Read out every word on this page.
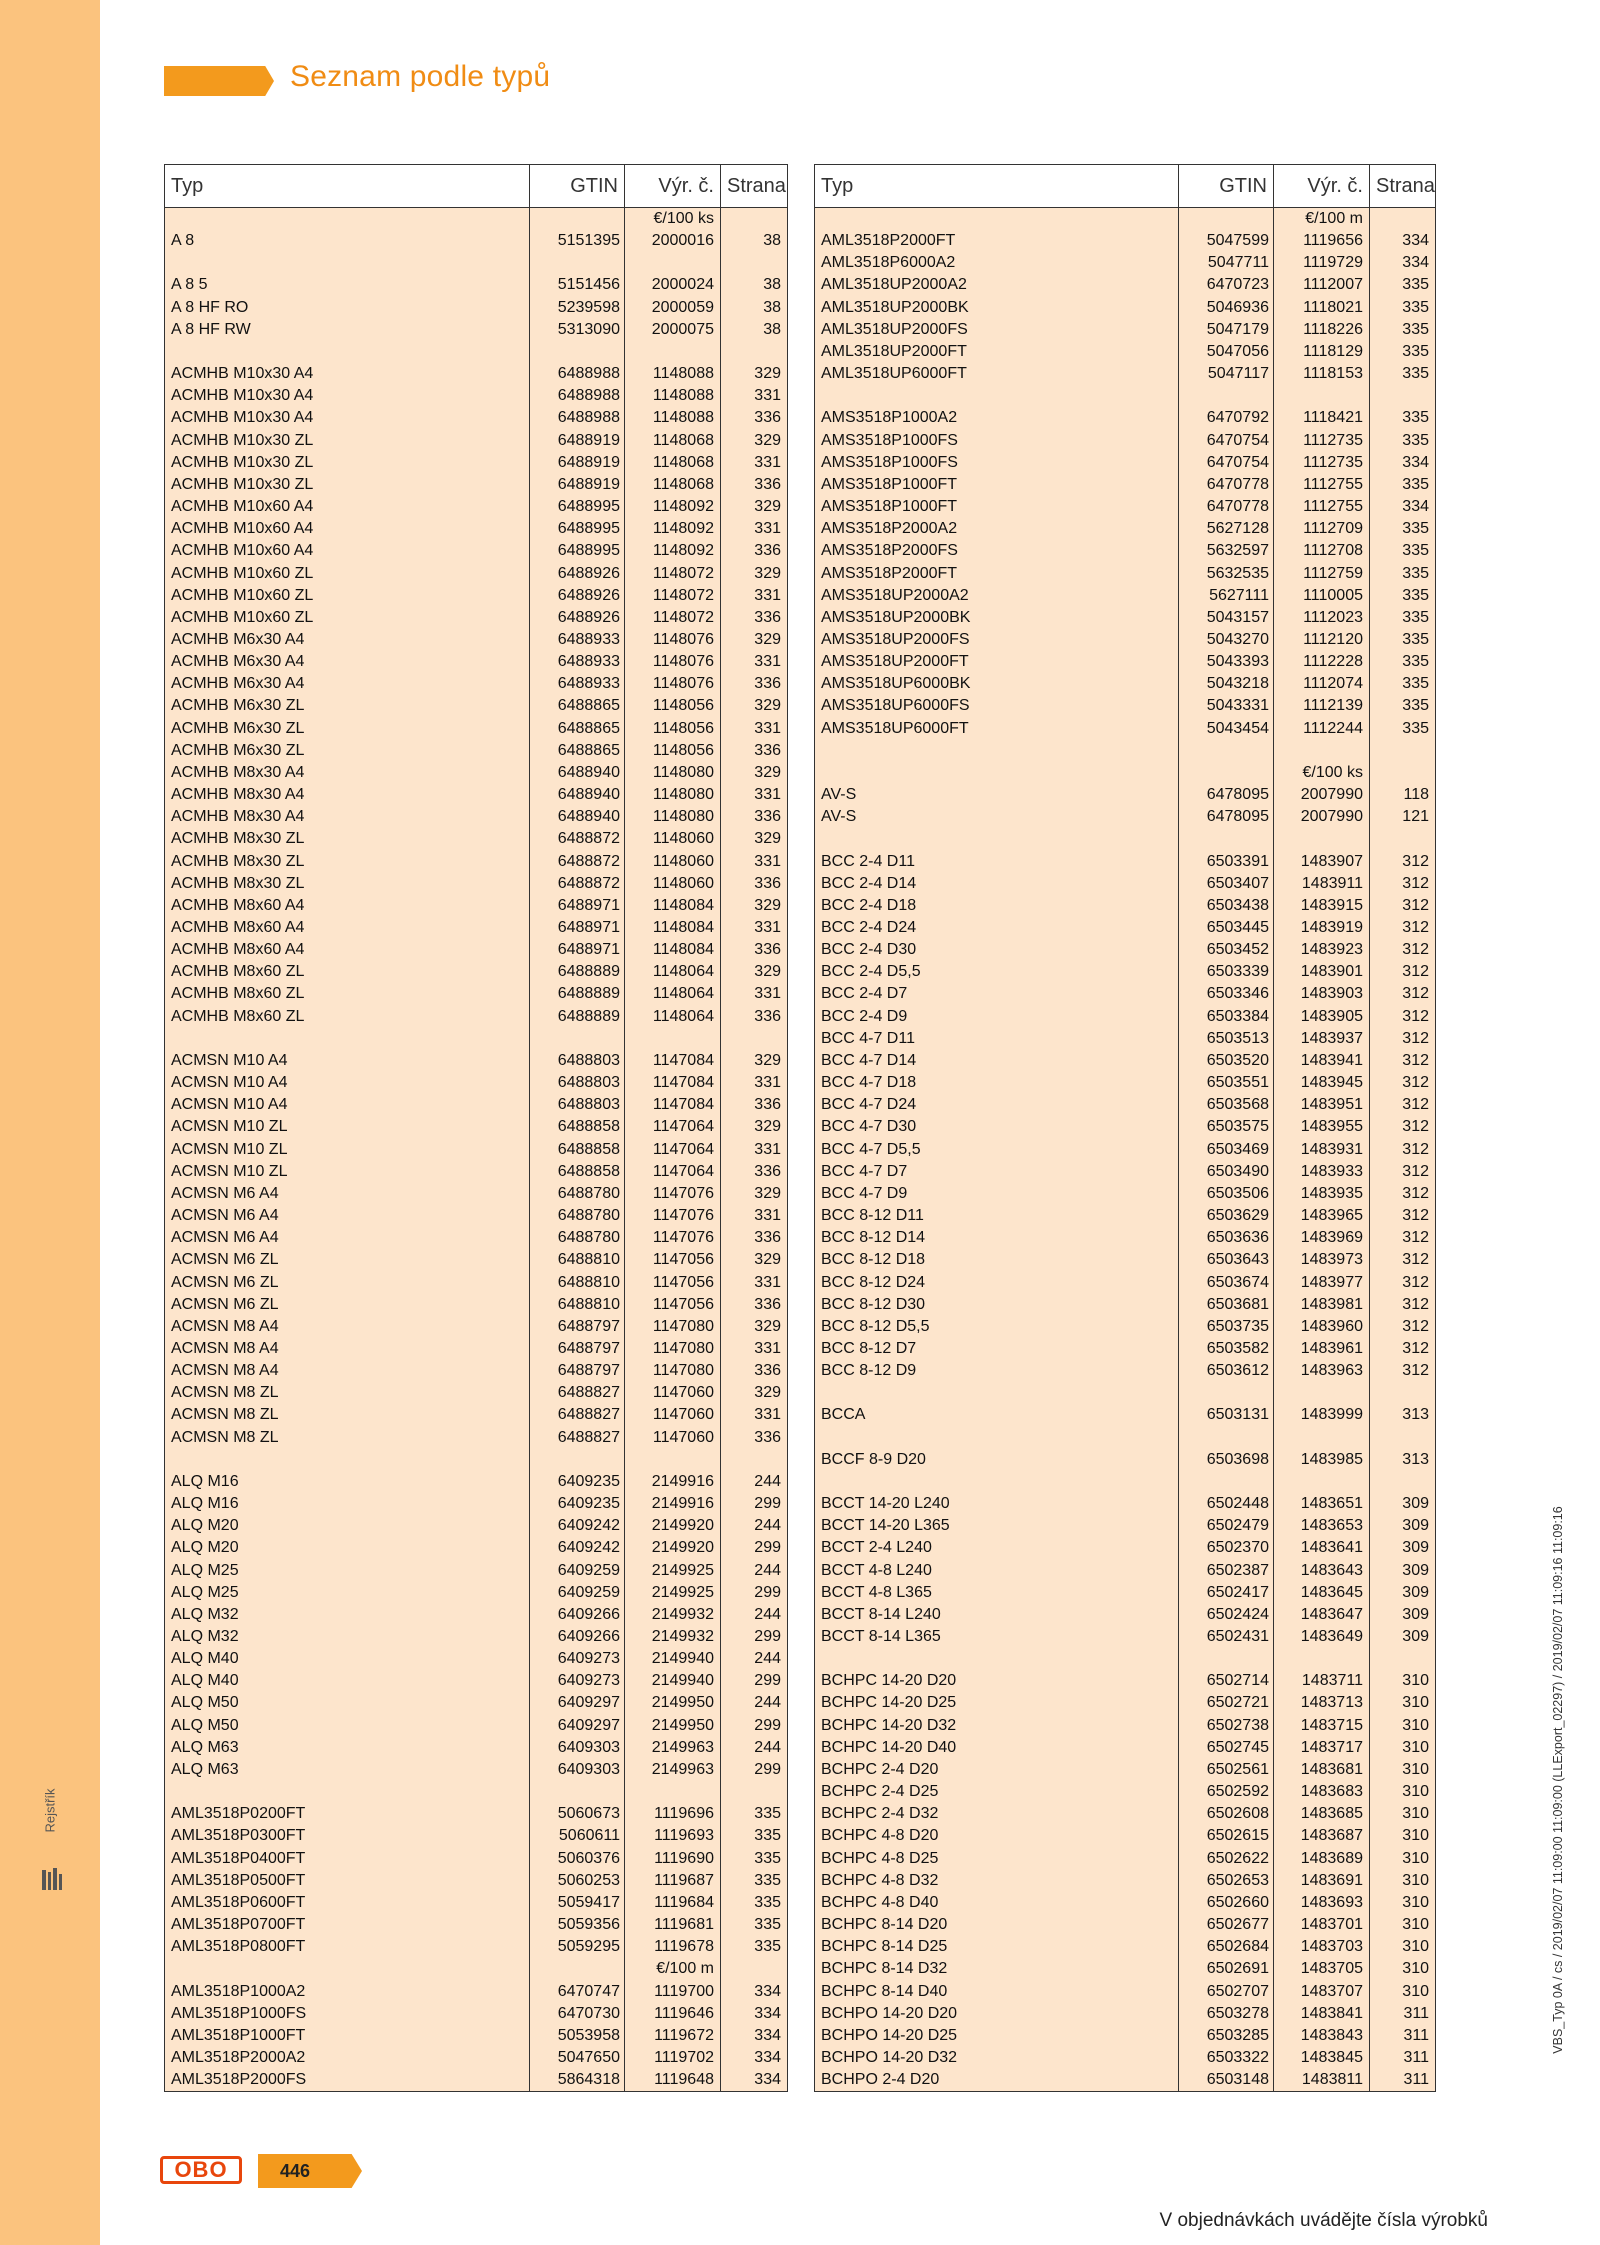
Rejstřík
Seznam podle typů
Typ	GTIN	Výr. č. Strana
€/100 ks
A 8	5151395	2000016	38
A 8 5	5151456	2000024	38
A 8 HF RO	5239598	2000059	38
A 8 HF RW	5313090	2000075	38
ACMHB M10x30 A4	6488988	1148088	329
ACMHB M10x30 A4	6488988	1148088	331
ACMHB M10x30 A4	6488988	1148088	336
ACMHB M10x30 ZL	6488919	1148068	329
ACMHB M10x30 ZL	6488919	1148068	331
ACMHB M10x30 ZL	6488919	1148068	336
ACMHB M10x60 A4	6488995	1148092	329
ACMHB M10x60 A4	6488995	1148092	331
ACMHB M10x60 A4	6488995	1148092	336
ACMHB M10x60 ZL	6488926	1148072	329
ACMHB M10x60 ZL	6488926	1148072	331
ACMHB M10x60 ZL	6488926	1148072	336
ACMHB M6x30 A4	6488933	1148076	329
ACMHB M6x30 A4	6488933	1148076	331
ACMHB M6x30 A4	6488933	1148076	336
ACMHB M6x30 ZL	6488865	1148056	329
ACMHB M6x30 ZL	6488865	1148056	331
ACMHB M6x30 ZL	6488865	1148056	336
ACMHB M8x30 A4	6488940	1148080	329
ACMHB M8x30 A4	6488940	1148080	331
ACMHB M8x30 A4	6488940	1148080	336
ACMHB M8x30 ZL	6488872	1148060	329
ACMHB M8x30 ZL	6488872	1148060	331
ACMHB M8x30 ZL	6488872	1148060	336
ACMHB M8x60 A4	6488971	1148084	329
ACMHB M8x60 A4	6488971	1148084	331
ACMHB M8x60 A4	6488971	1148084	336
ACMHB M8x60 ZL	6488889	1148064	329
ACMHB M8x60 ZL	6488889	1148064	331
ACMHB M8x60 ZL	6488889	1148064	336
ACMSN M10 A4	6488803	1147084	329
ACMSN M10 A4	6488803	1147084	331
ACMSN M10 A4	6488803	1147084	336
ACMSN M10 ZL	6488858	1147064	329
ACMSN M10 ZL	6488858	1147064	331
ACMSN M10 ZL	6488858	1147064	336
ACMSN M6 A4	6488780	1147076	329
ACMSN M6 A4	6488780	1147076	331
ACMSN M6 A4	6488780	1147076	336
ACMSN M6 ZL	6488810	1147056	329
ACMSN M6 ZL	6488810	1147056	331
ACMSN M6 ZL	6488810	1147056	336
ACMSN M8 A4	6488797	1147080	329
ACMSN M8 A4	6488797	1147080	331
ACMSN M8 A4	6488797	1147080	336
ACMSN M8 ZL	6488827	1147060	329
ACMSN M8 ZL	6488827	1147060	331
ACMSN M8 ZL	6488827	1147060	336
ALQ M16	6409235	2149916	244
ALQ M16	6409235	2149916	299
ALQ M20	6409242	2149920	244
ALQ M20	6409242	2149920	299
ALQ M25	6409259	2149925	244
ALQ M25	6409259	2149925	299
ALQ M32	6409266	2149932	244
ALQ M32	6409266	2149932	299
ALQ M40	6409273	2149940	244
ALQ M40	6409273	2149940	299
ALQ M50	6409297	2149950	244
ALQ M50	6409297	2149950	299
ALQ M63	6409303	2149963	244
ALQ M63	6409303	2149963	299
AML3518P0200FT	5060673	1119696	335
AML3518P0300FT	5060611	1119693	335
AML3518P0400FT	5060376	1119690	335
AML3518P0500FT	5060253	1119687	335
AML3518P0600FT	5059417	1119684	335
AML3518P0700FT	5059356	1119681	335
AML3518P0800FT	5059295	1119678	335
€/100 m
AML3518P1000A2	6470747	1119700	334
AML3518P1000FS	6470730	1119646	334
AML3518P1000FT	5053958	1119672	334
AML3518P2000A2	5047650	1119702	334
AML3518P2000FS	5864318	1119648	334
Typ	GTIN	Výr. č. Strana
€/100 m
AML3518P2000FT	5047599	1119656	334
AML3518P6000A2	5047711	1119729	334
AML3518UP2000A2	6470723	1112007	335
AML3518UP2000BK	5046936	1118021	335
AML3518UP2000FS	5047179	1118226	335
AML3518UP2000FT	5047056	1118129	335
AML3518UP6000FT	5047117	1118153	335
AMS3518P1000A2	6470792	1118421	335
AMS3518P1000FS	6470754	1112735	335
AMS3518P1000FS	6470754	1112735	334
AMS3518P1000FT	6470778	1112755	335
AMS3518P1000FT	6470778	1112755	334
AMS3518P2000A2	5627128	1112709	335
AMS3518P2000FS	5632597	1112708	335
AMS3518P2000FT	5632535	1112759	335
AMS3518UP2000A2	5627111	1110005	335
AMS3518UP2000BK	5043157	1112023	335
AMS3518UP2000FS	5043270	1112120	335
AMS3518UP2000FT	5043393	1112228	335
AMS3518UP6000BK	5043218	1112074	335
AMS3518UP6000FS	5043331	1112139	335
AMS3518UP6000FT	5043454	1112244	335
€/100 ks
AV-S	6478095	2007990	118
AV-S	6478095	2007990	121
BCC 2-4 D11	6503391	1483907	312
BCC 2-4 D14	6503407	1483911	312
BCC 2-4 D18	6503438	1483915	312
BCC 2-4 D24	6503445	1483919	312
BCC 2-4 D30	6503452	1483923	312
BCC 2-4 D5,5	6503339	1483901	312
BCC 2-4 D7	6503346	1483903	312
BCC 2-4 D9	6503384	1483905	312
BCC 4-7 D11	6503513	1483937	312
BCC 4-7 D14	6503520	1483941	312
BCC 4-7 D18	6503551	1483945	312
BCC 4-7 D24	6503568	1483951	312
BCC 4-7 D30	6503575	1483955	312
BCC 4-7 D5,5	6503469	1483931	312
BCC 4-7 D7	6503490	1483933	312
BCC 4-7 D9	6503506	1483935	312
BCC 8-12 D11	6503629	1483965	312
BCC 8-12 D14	6503636	1483969	312
BCC 8-12 D18	6503643	1483973	312
BCC 8-12 D24	6503674	1483977	312
BCC 8-12 D30	6503681	1483981	312
BCC 8-12 D5,5	6503735	1483960	312
BCC 8-12 D7	6503582	1483961	312
BCC 8-12 D9	6503612	1483963	312
BCCA	6503131	1483999	313
BCCF 8-9 D20	6503698	1483985	313
BCCT 14-20 L240	6502448	1483651	309
BCCT 14-20 L365	6502479	1483653	309
BCCT 2-4 L240	6502370	1483641	309
BCCT 4-8 L240	6502387	1483643	309
BCCT 4-8 L365	6502417	1483645	309
BCCT 8-14 L240	6502424	1483647	309
BCCT 8-14 L365	6502431	1483649	309
BCHPC 14-20 D20	6502714	1483711	310
BCHPC 14-20 D25	6502721	1483713	310
BCHPC 14-20 D32	6502738	1483715	310
BCHPC 14-20 D40	6502745	1483717	310
BCHPC 2-4 D20	6502561	1483681	310
BCHPC 2-4 D25	6502592	1483683	310
BCHPC 2-4 D32	6502608	1483685	310
BCHPC 4-8 D20	6502615	1483687	310
BCHPC 4-8 D25	6502622	1483689	310
BCHPC 4-8 D32	6502653	1483691	310
BCHPC 4-8 D40	6502660	1483693	310
BCHPC 8-14 D20	6502677	1483701	310
BCHPC 8-14 D25	6502684	1483703	310
BCHPC 8-14 D32	6502691	1483705	310
BCHPC 8-14 D40	6502707	1483707	310
BCHPO 14-20 D20	6503278	1483841	311
BCHPO 14-20 D25	6503285	1483843	311
BCHPO 14-20 D32	6503322	1483845	311
BCHPO 2-4 D20	6503148	1483811	311
OBO	446
V objednávkách uvádějte čísla výrobků
VBS_Typ 0A / cs / 2019/02/07 11:09:00 11:09:00 (LLExport_02297) / 2019/02/07 11:09:16 11:09:16
